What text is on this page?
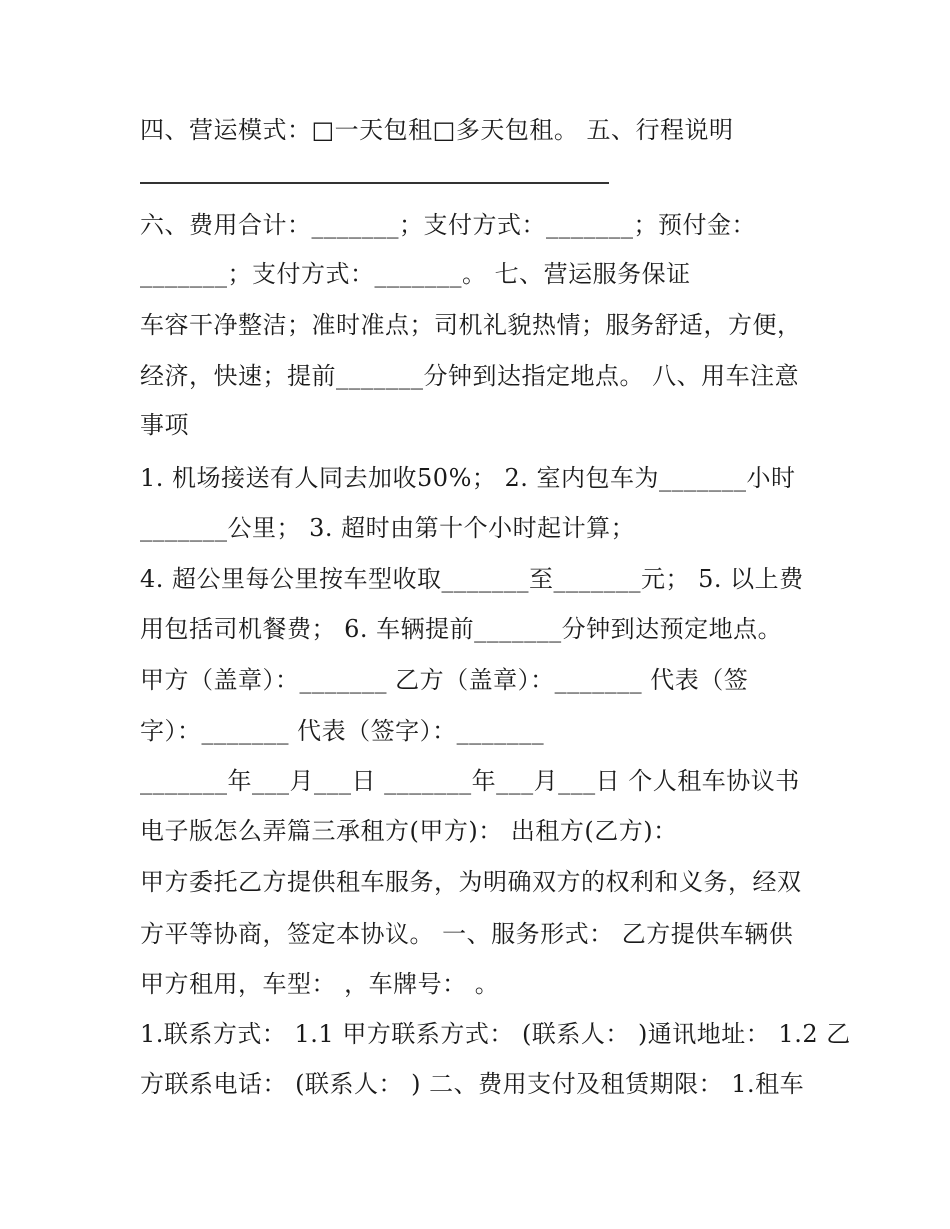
四、营运模式：□一天包租□多天包租。 五、行程说明
六、费用合计：_______；支付方式：_______；预付金：
_______；支付方式：_______。 七、营运服务保证
车容干净整洁；准时准点；司机礼貌热情；服务舒适，方便，
经济，快速；提前_______分钟到达指定地点。 八、用车注意
事项
1. 机场接送有人同去加收50%； 2. 室内包车为_______小时
_______公里； 3. 超时由第十个小时起计算；
4. 超公里每公里按车型收取_______至_______元； 5. 以上费
用包括司机餐费； 6. 车辆提前_______分钟到达预定地点。
甲方（盖章）：_______ 乙方（盖章）：_______ 代表（签
字）：_______ 代表（签字）：_______
_______年___月___日 _______年___月___日 个人租车协议书
电子版怎么弄篇三承租方(甲方)： 出租方(乙方)：
甲方委托乙方提供租车服务，为明确双方的权利和义务，经双
方平等协商，签定本协议。 一、服务形式： 乙方提供车辆供
甲方租用，车型： ，车牌号： 。
1.联系方式： 1.1 甲方联系方式： (联系人： )通讯地址： 1.2 乙
方联系电话： (联系人： ) 二、费用支付及租赁期限： 1.租车
